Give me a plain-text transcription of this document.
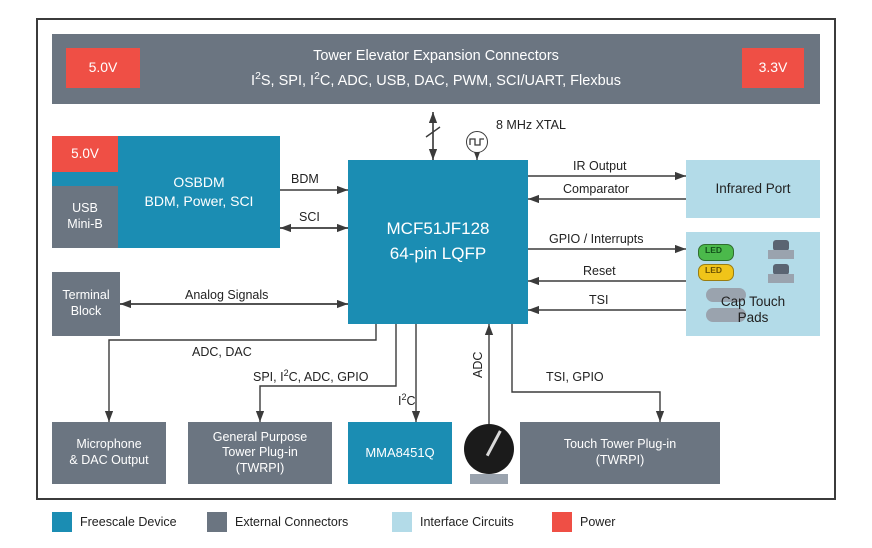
Tower Elevator Expansion Connectors
$I^2S$, SPI, $I^2C$, ADC, USB, DAC, PWM, SCI/UART, Flexbus
5.0V	3.3V
OSBDM
BDM, Power, SCI
5.0V
USB
Mini-B	MCF51JF128
64-pin LQFP
8 MHz XTAL
Terminal
Block
Infrared Port
Cap Touch
Pads
LED
LED
Microphone
& DAC Output
General Purpose
Tower Plug-in
(TWRPI)
MMA8451Q
Touch Tower Plug-in
(TWRPI)
BDM
SCI
IR Output
Comparator
GPIO / Interrupts
Reset
TSI
Analog Signals
ADC, DAC
SPI, $I^2C$, ADC, GPIO
$I^2C$
ADC	TSI, GPIO
Freescale Device	External Connectors	Interface Circuits	Power
